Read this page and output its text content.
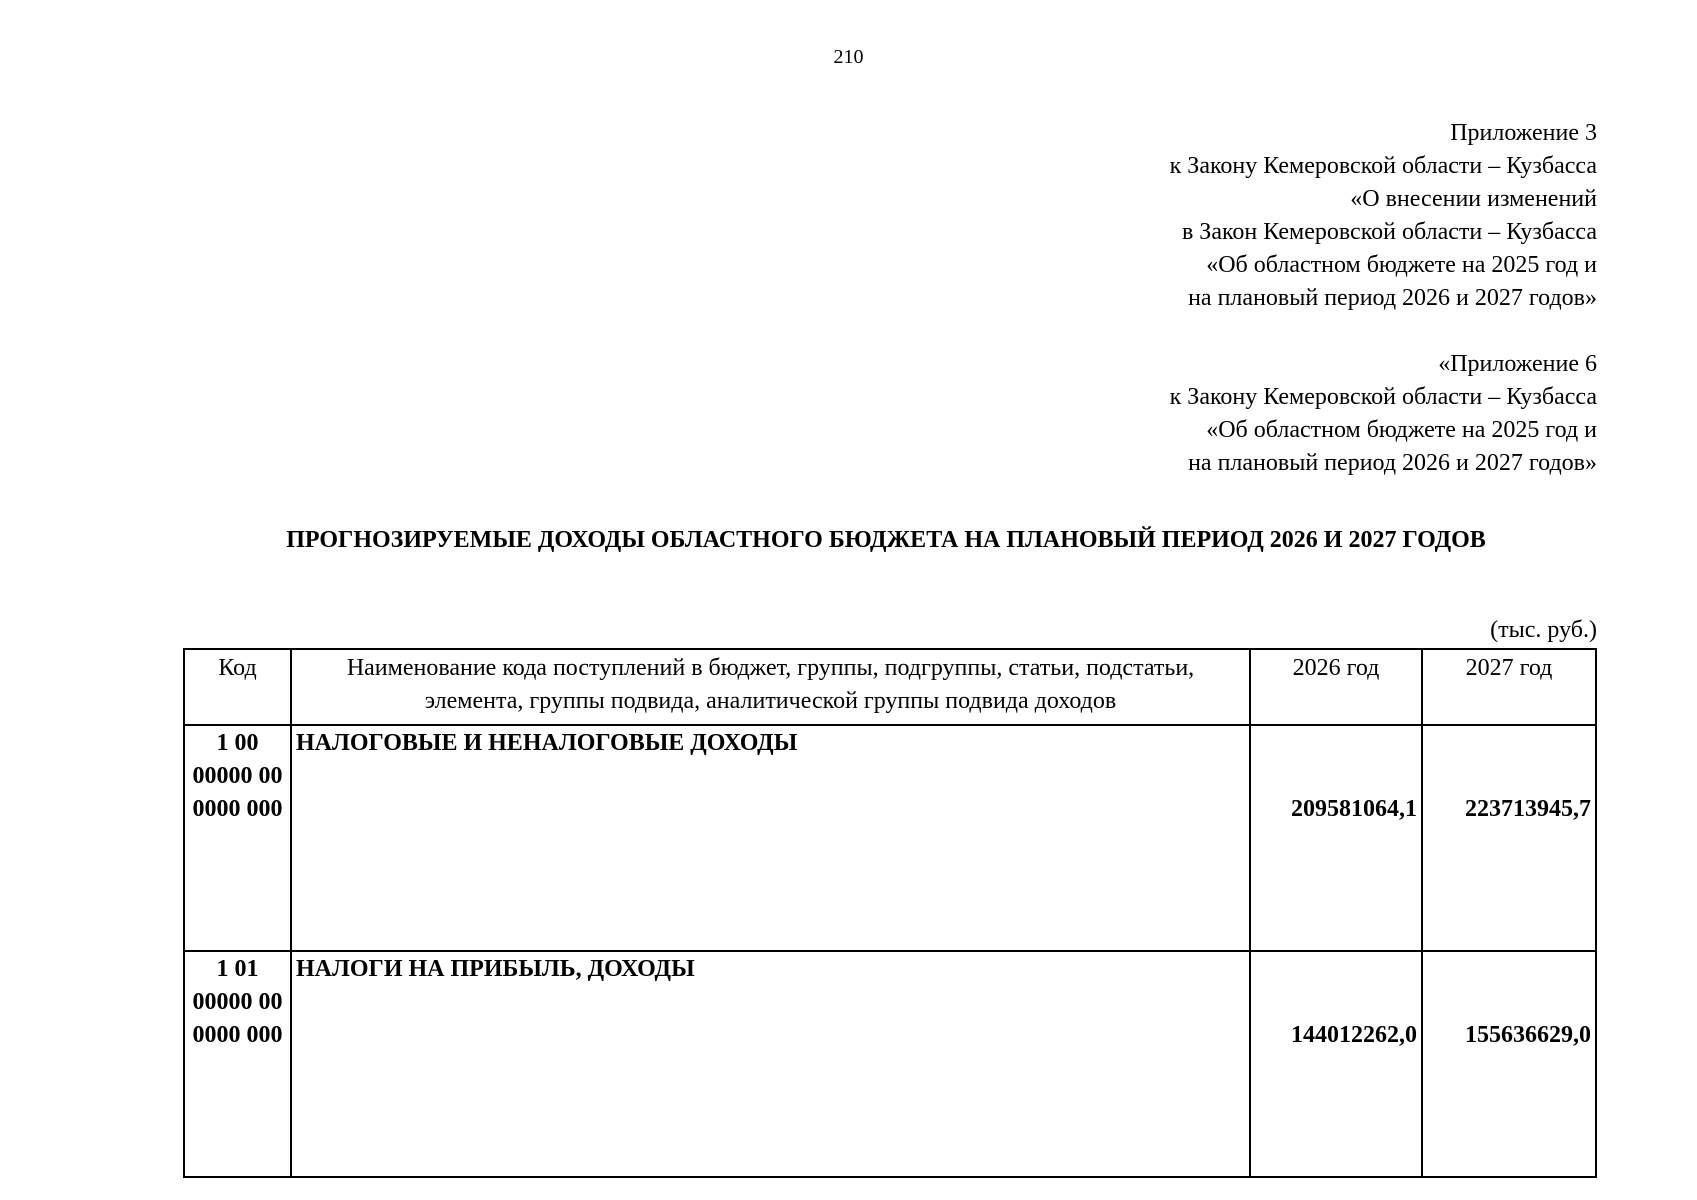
210
Приложение 3
к Закону Кемеровской области – Кузбасса
«О внесении изменений
в Закон Кемеровской области – Кузбасса
«Об областном бюджете на 2025 год и
на плановый период 2026 и 2027 годов»
«Приложение 6
к Закону Кемеровской области – Кузбасса
«Об областном бюджете на 2025 год и
на плановый период 2026 и 2027 годов»
ПРОГНОЗИРУЕМЫЕ ДОХОДЫ ОБЛАСТНОГО БЮДЖЕТА НА ПЛАНОВЫЙ ПЕРИОД 2026 И 2027 ГОДОВ
(тыс. руб.)
Код	Наименование кода поступлений в бюджет, группы, подгруппы, статьи, подстатьи, элемента, группы подвида, аналитической группы подвида доходов	2026 год	2027 год

1 00
00000 00
0000 000	НАЛОГОВЫЕ И НЕНАЛОГОВЫЕ ДОХОДЫ	209581064,1	223713945,7

1 01
00000 00
0000 000	НАЛОГИ НА ПРИБЫЛЬ, ДОХОДЫ	144012262,0	155636629,0
